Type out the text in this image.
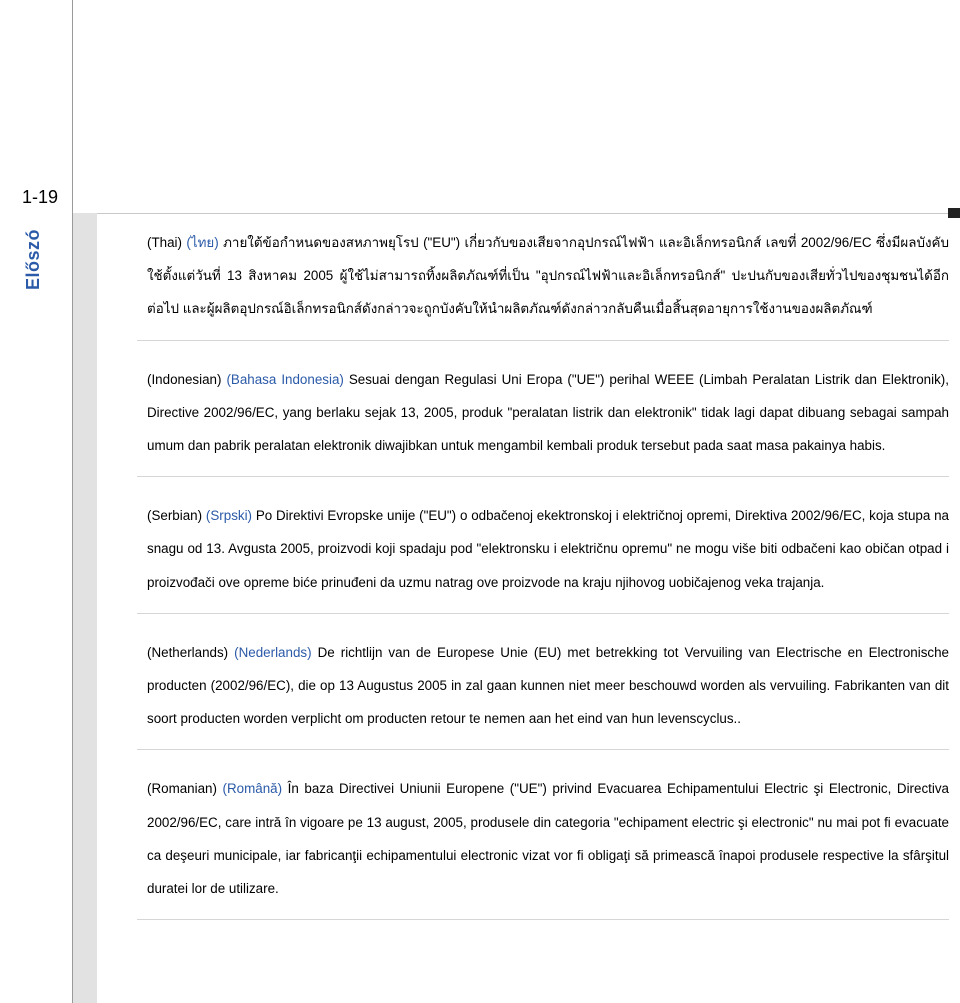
1-19
Előszó	(Thai) (ไทย) ภายใต้ข้อกำหนดของสหภาพยุโรป ("EU") เกี่ยวกับของเสียจากอุปกรณ์ไฟฟ้า และอิเล็กทรอนิกส์ เลขที่ 2002/96/EC ซึ่งมีผลบังคับใช้ตั้งแต่วันที่ 13 สิงหาคม 2005 ผู้ใช้ไม่สามารถทิ้งผลิตภัณฑ์ที่เป็น "อุปกรณ์ไฟฟ้าและอิเล็กทรอนิกส์" ปะปนกับของเสียทั่วไปของชุมชนได้อีกต่อไป และผู้ผลิตอุปกรณ์อิเล็กทรอนิกส์ดังกล่าวจะถูกบังคับให้นำผลิตภัณฑ์ดังกล่าวกลับคืนเมื่อสิ้นสุดอายุการใช้งานของผลิตภัณฑ์
(Indonesian) (Bahasa Indonesia) Sesuai dengan Regulasi Uni Eropa ("UE") perihal WEEE (Limbah Peralatan Listrik dan Elektronik), Directive 2002/96/EC, yang berlaku sejak 13, 2005, produk "peralatan listrik dan elektronik" tidak lagi dapat dibuang sebagai sampah umum dan pabrik peralatan elektronik diwajibkan untuk mengambil kembali produk tersebut pada saat masa pakainya habis.
(Serbian) (Srpski) Po Direktivi Evropske unije ("EU") o odbačenoj ekektronskoj i električnoj opremi, Direktiva 2002/96/EC, koja stupa na snagu od 13. Avgusta 2005, proizvodi koji spadaju pod "elektronsku i električnu opremu" ne mogu više biti odbačeni kao običan otpad i proizvođači ove opreme biće prinuđeni da uzmu natrag ove proizvode na kraju njihovog uobičajenog veka trajanja.
(Netherlands) (Nederlands) De richtlijn van de Europese Unie (EU) met betrekking tot Vervuiling van Electrische en Electronische producten (2002/96/EC), die op 13 Augustus 2005 in zal gaan kunnen niet meer beschouwd worden als vervuiling. Fabrikanten van dit soort producten worden verplicht om producten retour te nemen aan het eind van hun levenscyclus..
(Romanian) (Română) În baza Directivei Uniunii Europene ("UE") privind Evacuarea Echipamentului Electric şi Electronic, Directiva 2002/96/EC, care intră în vigoare pe 13 august, 2005, produsele din categoria "echipament electric şi electronic" nu mai pot fi evacuate ca deşeuri municipale, iar fabricanţii echipamentului electronic vizat vor fi obligaţi să primească înapoi produsele respective la sfârşitul duratei lor de utilizare.
